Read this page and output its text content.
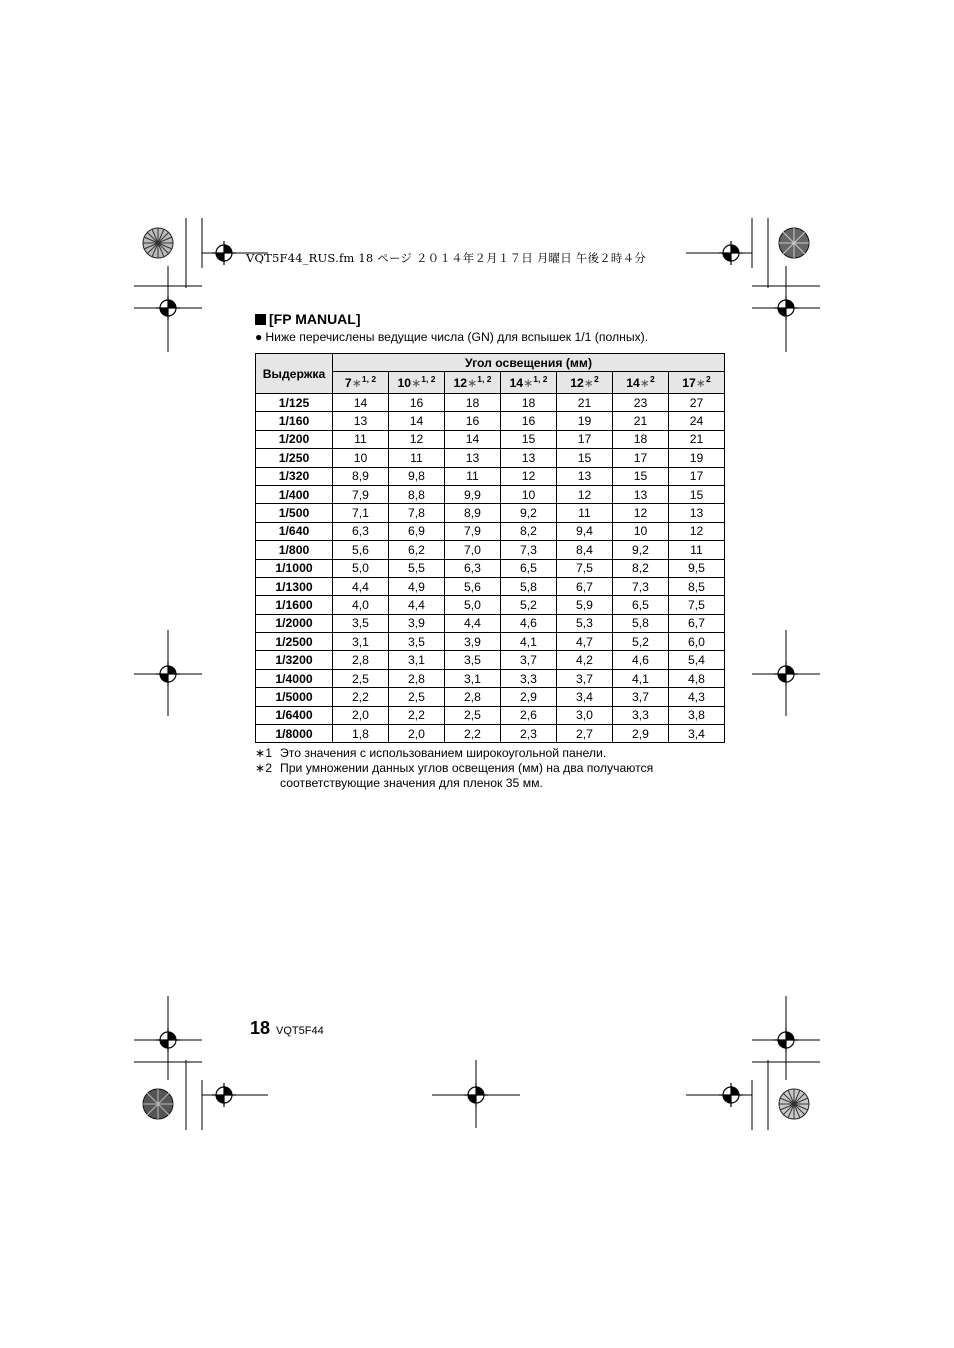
VQT5F44_RUS.fm 18 ページ ２０１４年２月１７日 月曜日 午後２時４分
[FP MANUAL]
● Ниже перечислены ведущие числа (GN) для вспышек 1/1 (полных).
Выдержка	Угол освещения (мм)						
	7∗$^{1, 2}$	10∗$^{1, 2}$	12∗$^{1, 2}$	14∗$^{1, 2}$	12∗$^2$	14∗$^2$	17∗$^2$
1/125	14	16	18	18	21	23	27
1/160	13	14	16	16	19	21	24
1/200	11	12	14	15	17	18	21
1/250	10	11	13	13	15	17	19
1/320	8,9	9,8	11	12	13	15	17
1/400	7,9	8,8	9,9	10	12	13	15
1/500	7,1	7,8	8,9	9,2	11	12	13
1/640	6,3	6,9	7,9	8,2	9,4	10	12
1/800	5,6	6,2	7,0	7,3	8,4	9,2	11
1/1000	5,0	5,5	6,3	6,5	7,5	8,2	9,5
1/1300	4,4	4,9	5,6	5,8	6,7	7,3	8,5
1/1600	4,0	4,4	5,0	5,2	5,9	6,5	7,5
1/2000	3,5	3,9	4,4	4,6	5,3	5,8	6,7
1/2500	3,1	3,5	3,9	4,1	4,7	5,2	6,0
1/3200	2,8	3,1	3,5	3,7	4,2	4,6	5,4
1/4000	2,5	2,8	3,1	3,3	3,7	4,1	4,8
1/5000	2,2	2,5	2,8	2,9	3,4	3,7	4,3
1/6400	2,0	2,2	2,5	2,6	3,0	3,3	3,8
1/8000	1,8	2,0	2,2	2,3	2,7	2,9	3,4
∗1 Это значения с использованием широкоугольной панели.
∗2 При умножении данных углов освещения (мм) на два получаются соответствующие значения для пленок 35 мм.
18 VQT5F44
